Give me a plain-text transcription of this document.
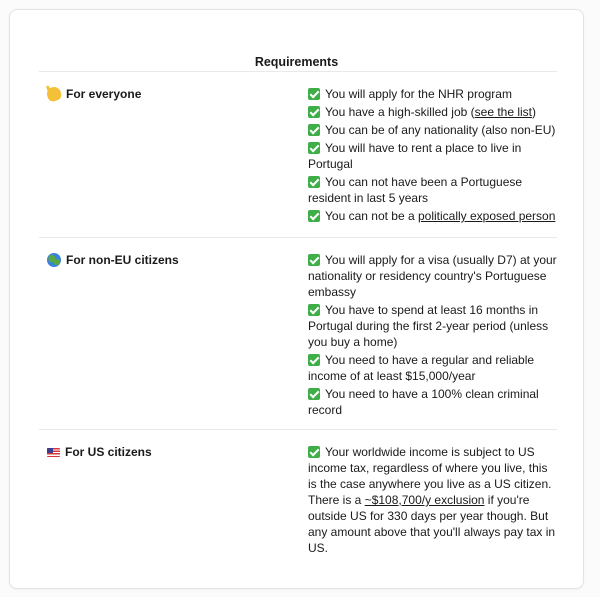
Requirements
For everyone	You will apply for the NHR program
You have a high-skilled job (see the list)
You can be of any nationality (also non-EU)
You will have to rent a place to live in Portugal
You can not have been a Portuguese resident in last 5 years
You can not be a politically exposed person
For non-EU citizens	You will apply for a visa (usually D7) at your nationality or residency country's Portuguese embassy
You have to spend at least 16 months in Portugal during the first 2-year period (unless you buy a home)
You need to have a regular and reliable income of at least $15,000/year
You need to have a 100% clean criminal record
For US citizens	Your worldwide income is subject to US income tax, regardless of where you live, this is the case anywhere you live as a US citizen. There is a ~$108,700/y exclusion if you're outside US for 330 days per year though. But any amount above that you'll always pay tax in US.
